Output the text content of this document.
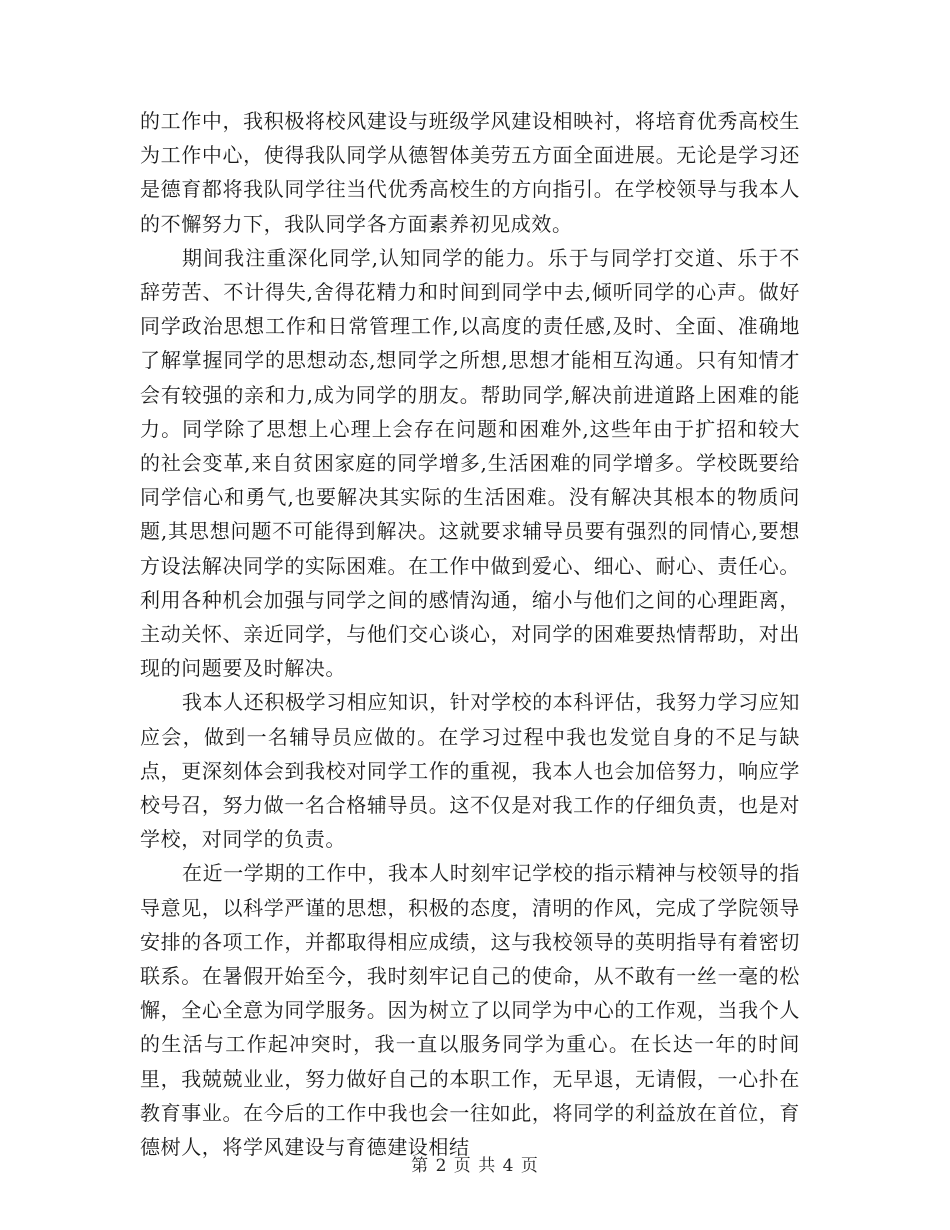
的工作中，我积极将校风建设与班级学风建设相映衬，将培育优秀高校生为工作中心，使得我队同学从德智体美劳五方面全面进展。无论是学习还是德育都将我队同学往当代优秀高校生的方向指引。在学校领导与我本人的不懈努力下，我队同学各方面素养初见成效。

期间我注重深化同学,认知同学的能力。乐于与同学打交道、乐于不辞劳苦、不计得失,舍得花精力和时间到同学中去,倾听同学的心声。做好同学政治思想工作和日常管理工作,以高度的责任感,及时、全面、准确地了解掌握同学的思想动态,想同学之所想,思想才能相互沟通。只有知情才会有较强的亲和力,成为同学的朋友。帮助同学,解决前进道路上困难的能力。同学除了思想上心理上会存在问题和困难外,这些年由于扩招和较大的社会变革,来自贫困家庭的同学增多,生活困难的同学增多。学校既要给同学信心和勇气,也要解决其实际的生活困难。没有解决其根本的物质问题,其思想问题不可能得到解决。这就要求辅导员要有强烈的同情心,要想方设法解决同学的实际困难。在工作中做到爱心、细心、耐心、责任心。利用各种机会加强与同学之间的感情沟通，缩小与他们之间的心理距离，主动关怀、亲近同学，与他们交心谈心，对同学的困难要热情帮助，对出现的问题要及时解决。

我本人还积极学习相应知识，针对学校的本科评估，我努力学习应知应会，做到一名辅导员应做的。在学习过程中我也发觉自身的不足与缺点，更深刻体会到我校对同学工作的重视，我本人也会加倍努力，响应学校号召，努力做一名合格辅导员。这不仅是对我工作的仔细负责，也是对学校，对同学的负责。

在近一学期的工作中，我本人时刻牢记学校的指示精神与校领导的指导意见，以科学严谨的思想，积极的态度，清明的作风，完成了学院领导安排的各项工作，并都取得相应成绩，这与我校领导的英明指导有着密切联系。在暑假开始至今，我时刻牢记自己的使命，从不敢有一丝一毫的松懈，全心全意为同学服务。因为树立了以同学为中心的工作观，当我个人的生活与工作起冲突时，我一直以服务同学为重心。在长达一年的时间里，我兢兢业业，努力做好自己的本职工作，无早退，无请假，一心扑在教育事业。在今后的工作中我也会一往如此，将同学的利益放在首位，育德树人，将学风建设与育德建设相结

第 2 页 共 4 页
